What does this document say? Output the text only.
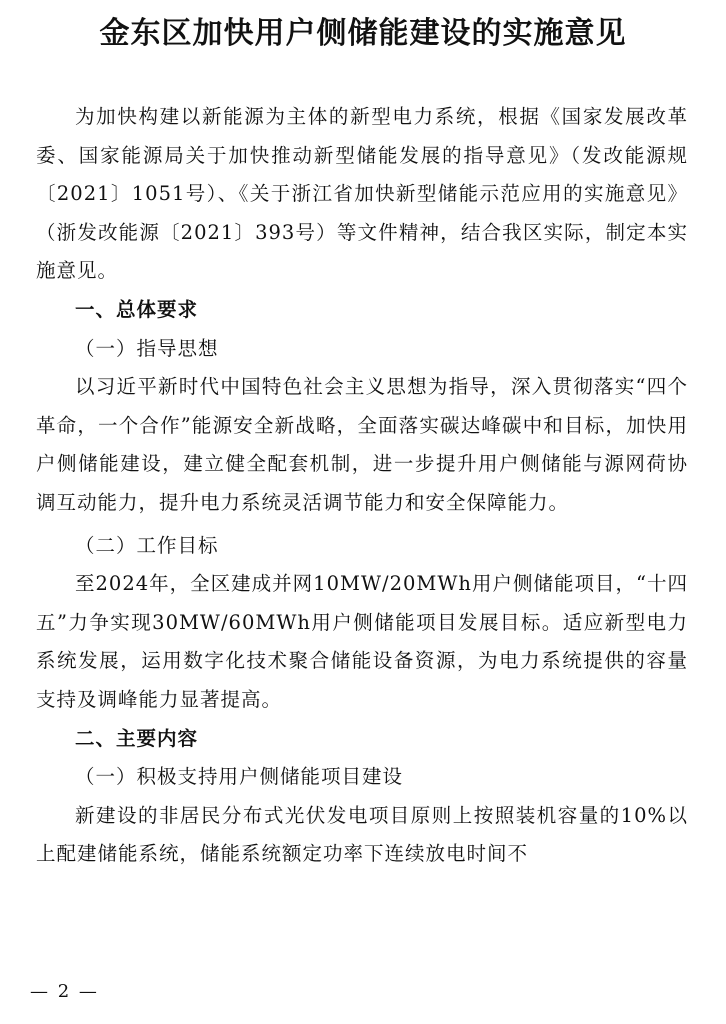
金东区加快用户侧储能建设的实施意见

为加快构建以新能源为主体的新型电力系统，根据《国家发展改革委、国家能源局关于加快推动新型储能发展的指导意见》（发改能源规〔2021〕1051号）、《关于浙江省加快新型储能示范应用的实施意见》（浙发改能源〔2021〕393号）等文件精神，结合我区实际，制定本实施意见。

一、总体要求

（一）指导思想

以习近平新时代中国特色社会主义思想为指导，深入贯彻落实“四个革命，一个合作”能源安全新战略，全面落实碳达峰碳中和目标，加快用户侧储能建设，建立健全配套机制，进一步提升用户侧储能与源网荷协调互动能力，提升电力系统灵活调节能力和安全保障能力。

（二）工作目标

至2024年，全区建成并网10MW/20MWh用户侧储能项目，“十四五”力争实现30MW/60MWh用户侧储能项目发展目标。适应新型电力系统发展，运用数字化技术聚合储能设备资源，为电力系统提供的容量支持及调峰能力显著提高。

二、主要内容

（一）积极支持用户侧储能项目建设

新建设的非居民分布式光伏发电项目原则上按照装机容量的10%以上配建储能系统，储能系统额定功率下连续放电时间不

— 2 —
